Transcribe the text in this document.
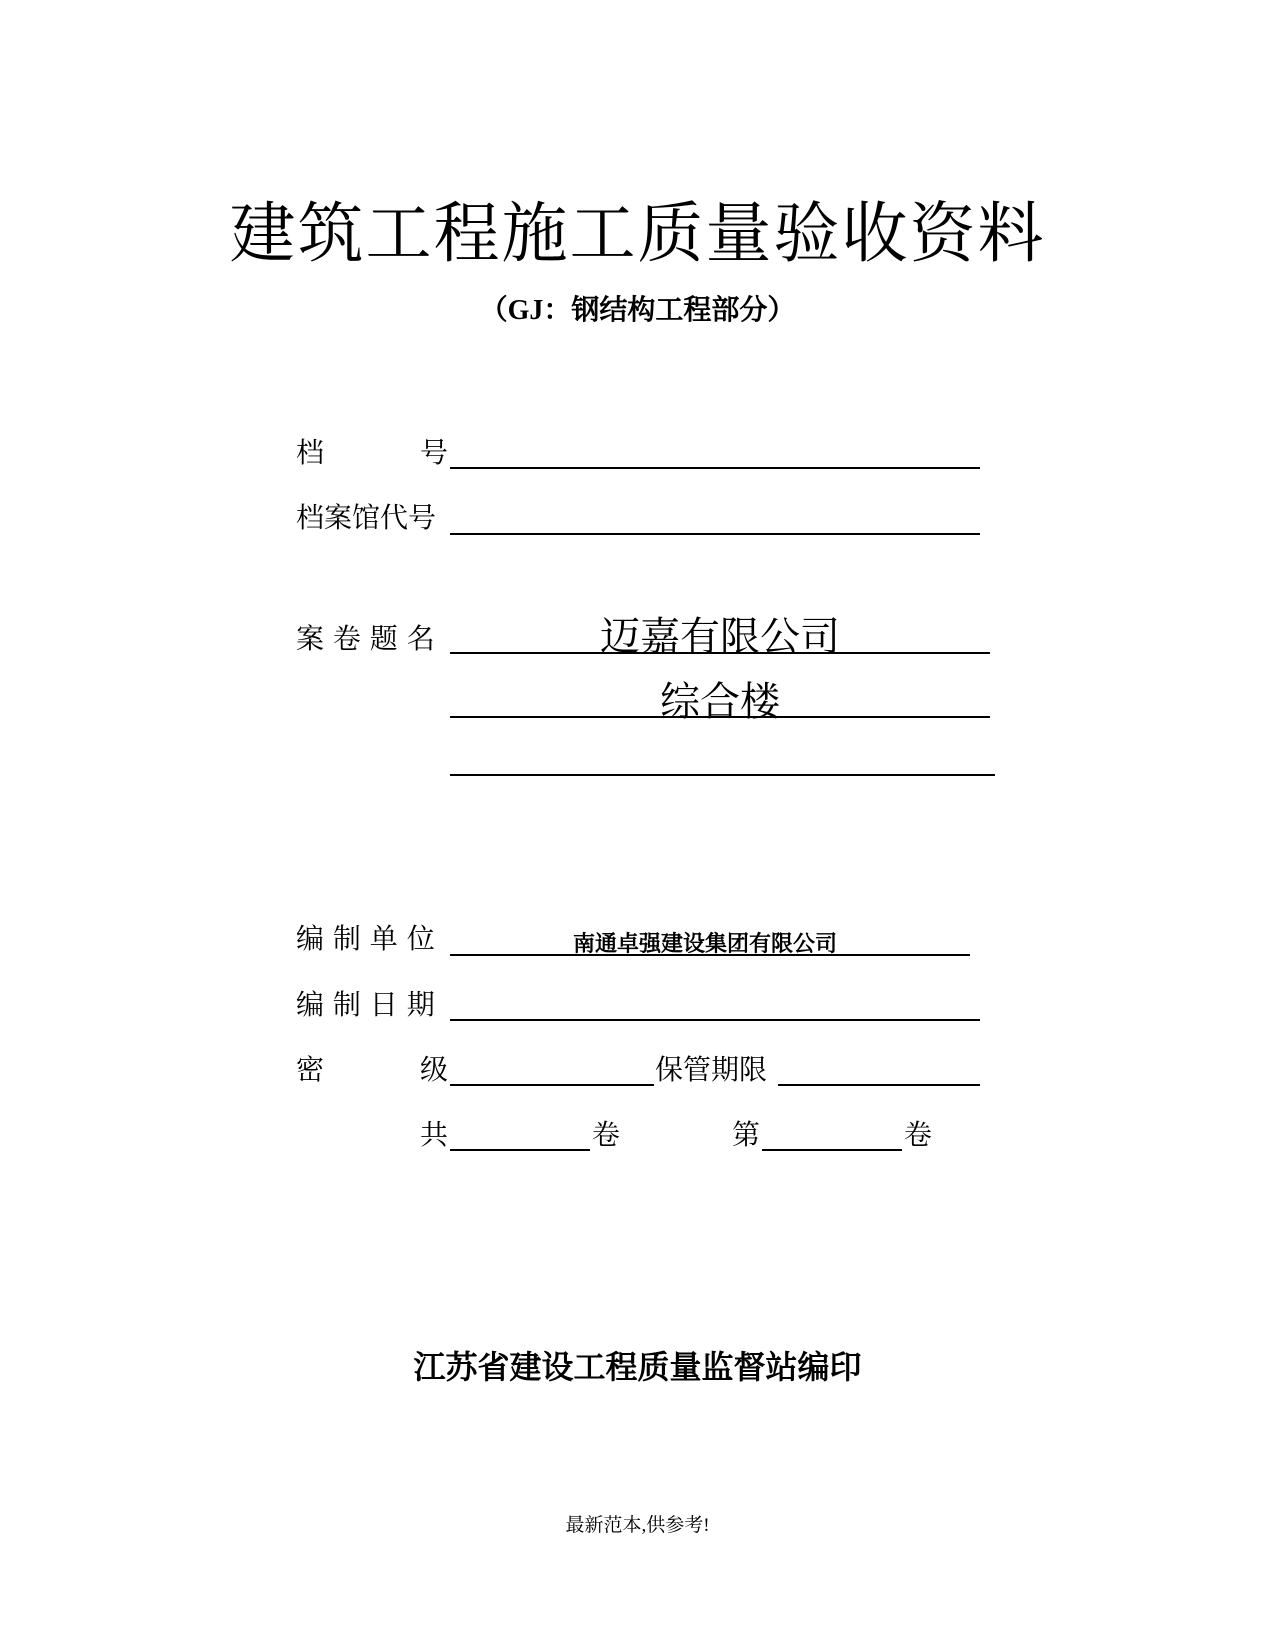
建筑工程施工质量验收资料
（GJ：钢结构工程部分）
档	号
档案馆代号
案 卷 题 名	迈嘉有限公司
综合楼
编 制 单 位	南通卓强建设集团有限公司
编 制 日 期
密	级	保管期限
共	卷	第	卷
江苏省建设工程质量监督站编印
最新范本,供参考!
